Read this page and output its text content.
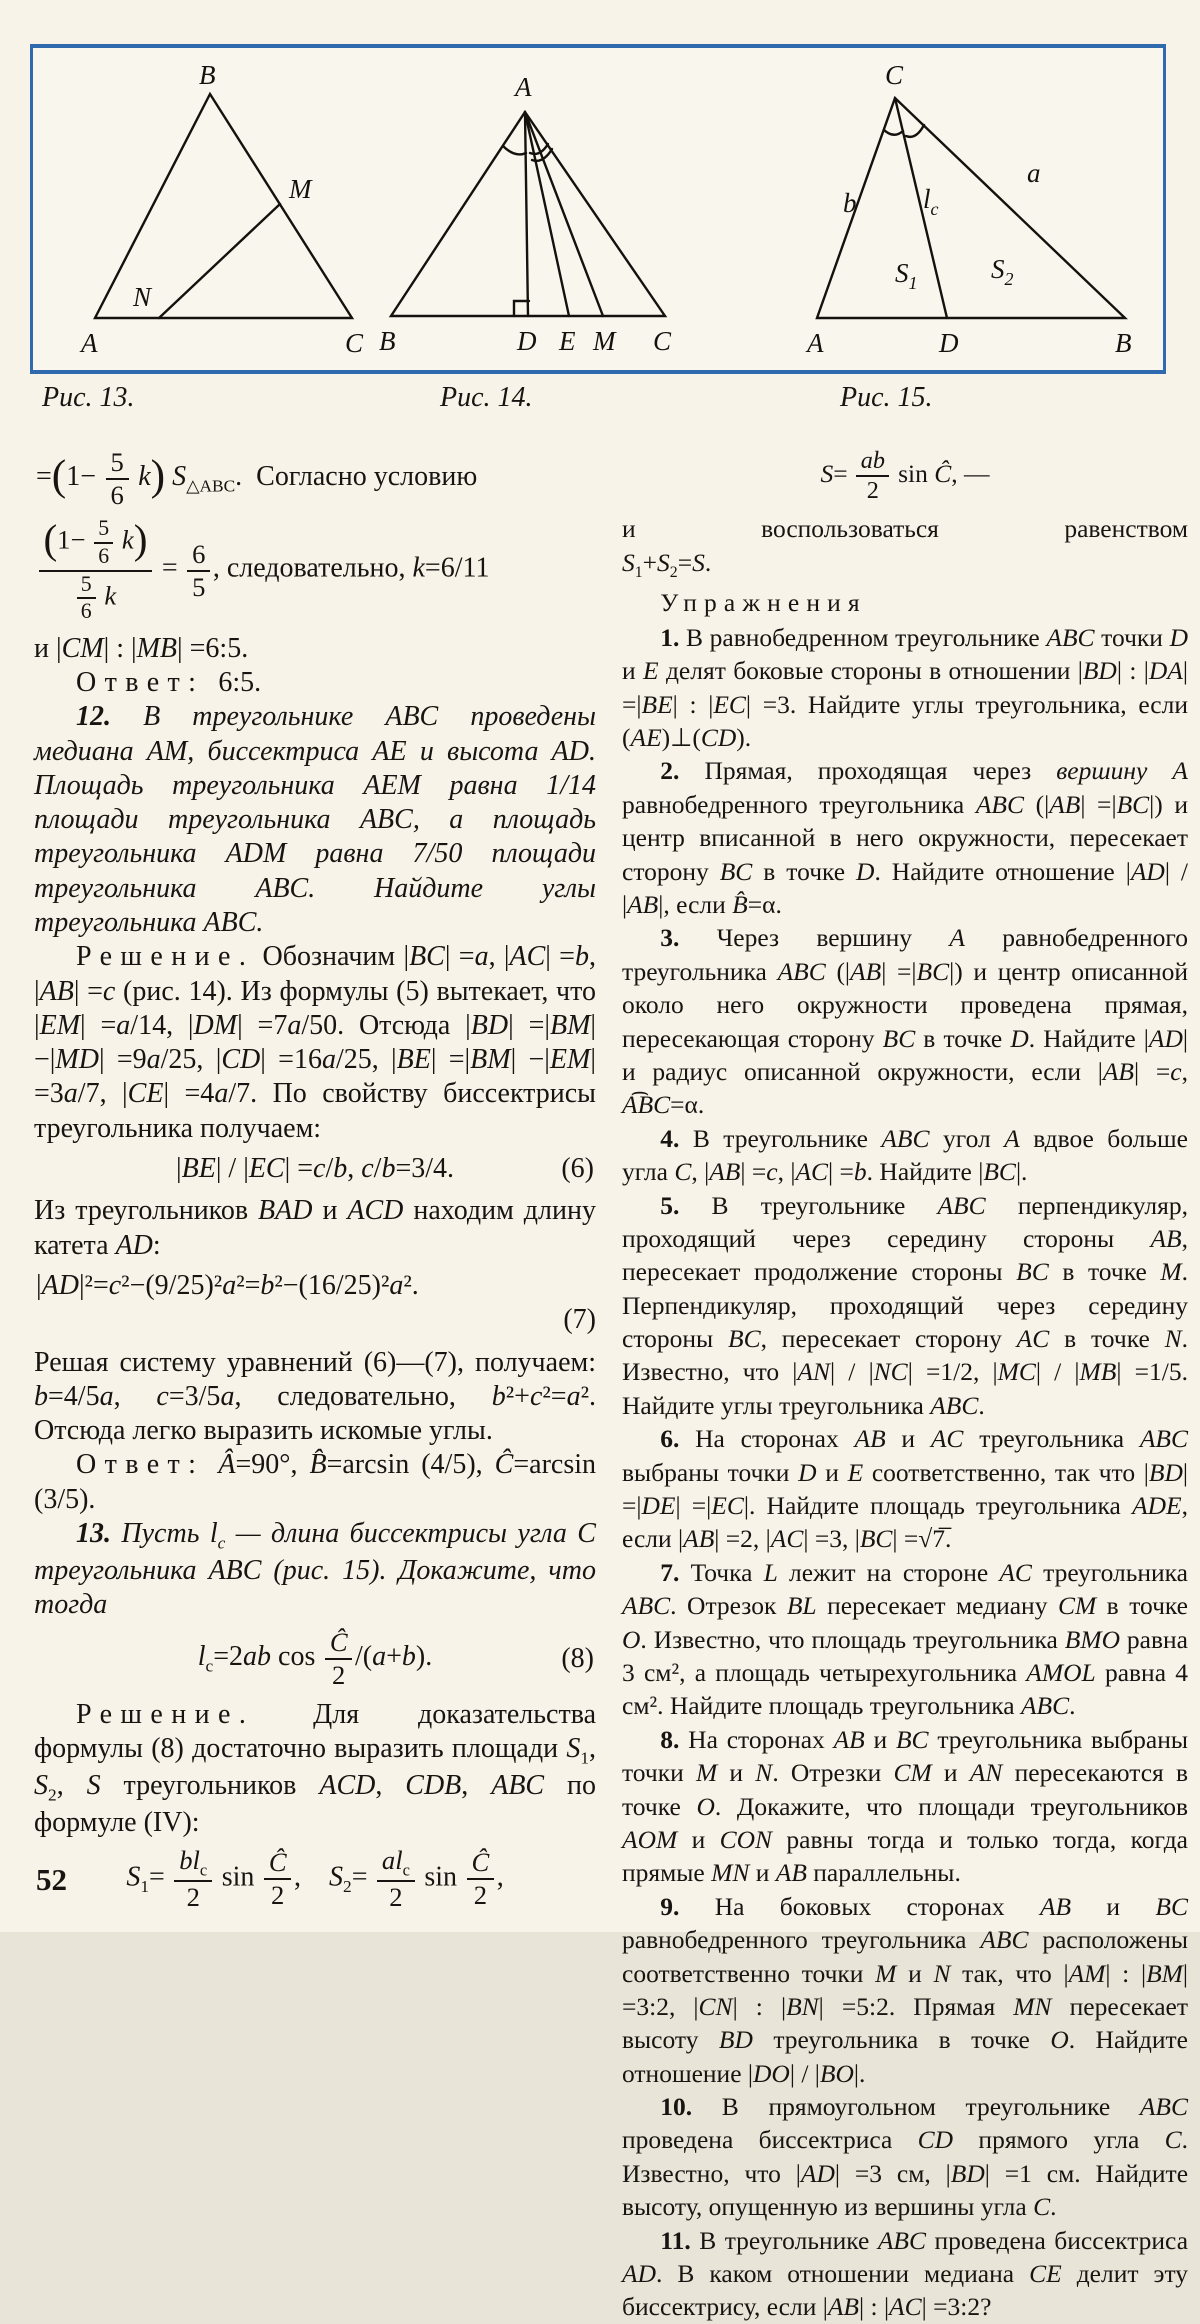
A
B
C
M
N
A
B	D E M C
C
A	D	B
b
a
$l_c$
$S_1$	$S_2$
Рис. 13.	Рис. 14.	Рис. 15.
$=(1- \frac{5}{6} k)$ $S_{\triangle ABC}$. Согласно условию
$\frac{(1- \frac{5}{6} k)}{\frac{5}{6} k} = \frac{6}{5}$ , следовательно, k=6/11

и |CM| : |MB| =6:5.

Ответ: 6:5.

12. В треугольнике ABC проведены медиана AM, биссектриса AE и высота AD. Площадь треугольника AEM равна 1/14 площади треугольника ABC, а площадь треугольника ADM равна 7/50 площади треугольника ABC. Найдите углы треугольника ABC.

Решение. Обозначим |BC| =a, |AC| =b, |AB| =c (рис. 14). Из формулы (5) вытекает, что |EM| =a/14, |DM| =7a/50. Отсюда |BD| =|BM| −|MD| =9a/25, |CD| =16a/25, |BE| =|BM| −|EM| =3a/7, |CE| =4a/7. По свойству биссектрисы треугольника получаем:

|BE| / |EC| =c/b, c/b=3/4.	(6)

Из треугольников BAD и ACD находим длину катета AD:

|AD|²=c²−(9/25)²a²=b²−(16/25)²a².
(7)

Решая систему уравнений (6)—(7), получаем: b=4/5a, c=3/5a, следовательно, b²+c²=a². Отсюда легко выразить искомые углы.

Ответ:  Â=90°, B̂=arcsin (4/5), Ĉ=arcsin (3/5).

13. Пусть $l_c$ — длина биссектрисы угла C треугольника ABC (рис. 15). Докажите, что тогда

$l_c=2ab$ $\cos \frac{Ĉ}{2} /(a+b)$.	(8)

Решение. Для доказательства формулы (8) достаточно выразить площади $S_1$, $S_2$, S треугольников ACD, CDB, ABC по формуле (IV):

$S_1= \frac{bl_c}{2}$ $\sin \frac{Ĉ}{2}$ , $S_2= \frac{al_c}{2}$ $\sin \frac{Ĉ}{2}$ ,
$S= \frac{ab}{2}$ sin Ĉ, —
и воспользоваться равенством
$S_1+S_2=S$.
Упражнения

1. В равнобедренном треугольнике ABC точки D и E делят боковые стороны в отношении |BD| : |DA| =|BE| : |EC| =3. Найдите углы треугольника, если (AE)⊥(CD).

2. Прямая, проходящая через вершину A равнобедренного треугольника ABC (|AB| =|BC|) и центр вписанной в него окружности, пересекает сторону BC в точке D. Найдите отношение |AD| / |AB|, если B̂=α.

3. Через вершину A равнобедренного треугольника ABC (|AB| =|BC|) и центр описанной около него окружности проведена прямая, пересекающая сторону BC в точке D. Найдите |AD| и радиус описанной окружности, если |AB| =c, A͡BC=α.

4. В треугольнике ABC угол A вдвое больше угла C, |AB| =c, |AC| =b. Найдите |BC|.

5. В треугольнике ABC перпендикуляр, проходящий через середину стороны AB, пересекает продолжение стороны BC в точке M. Перпендикуляр, проходящий через середину стороны BC, пересекает сторону AC в точке N. Известно, что |AN| / |NC| =1/2, |MC| / |MB| =1/5. Найдите углы треугольника ABC.

6. На сторонах AB и AC треугольника ABC выбраны точки D и E соответственно, так что |BD| =|DE| =|EC|. Найдите площадь треугольника ADE, если |AB| =2, |AC| =3, |BC| =√7̅.

7. Точка L лежит на стороне AC треугольника ABC. Отрезок BL пересекает медиану CM в точке O. Известно, что площадь треугольника BMO равна 3 см², а площадь четырехугольника AMOL равна 4 см². Найдите площадь треугольника ABC.

8. На сторонах AB и BC треугольника выбраны точки M и N. Отрезки CM и AN пересекаются в точке O. Докажите, что площади треугольников AOM и CON равны тогда и только тогда, когда прямые MN и AB параллельны.

9. На боковых сторонах AB и BC равнобедренного треугольника ABC расположены соответственно точки M и N так, что |AM| : |BM| =3:2, |CN| : |BN| =5:2. Прямая MN пересекает высоту BD треугольника в точке O. Найдите отношение |DO| / |BO|.

10. В прямоугольном треугольнике ABC проведена биссектриса CD прямого угла C. Известно, что |AD| =3 см, |BD| =1 см. Найдите высоту, опущенную из вершины угла C.

11. В треугольнике ABC проведена биссектриса AD. В каком отношении медиана CE делит эту биссектрису, если |AB| : |AC| =3:2?

52
